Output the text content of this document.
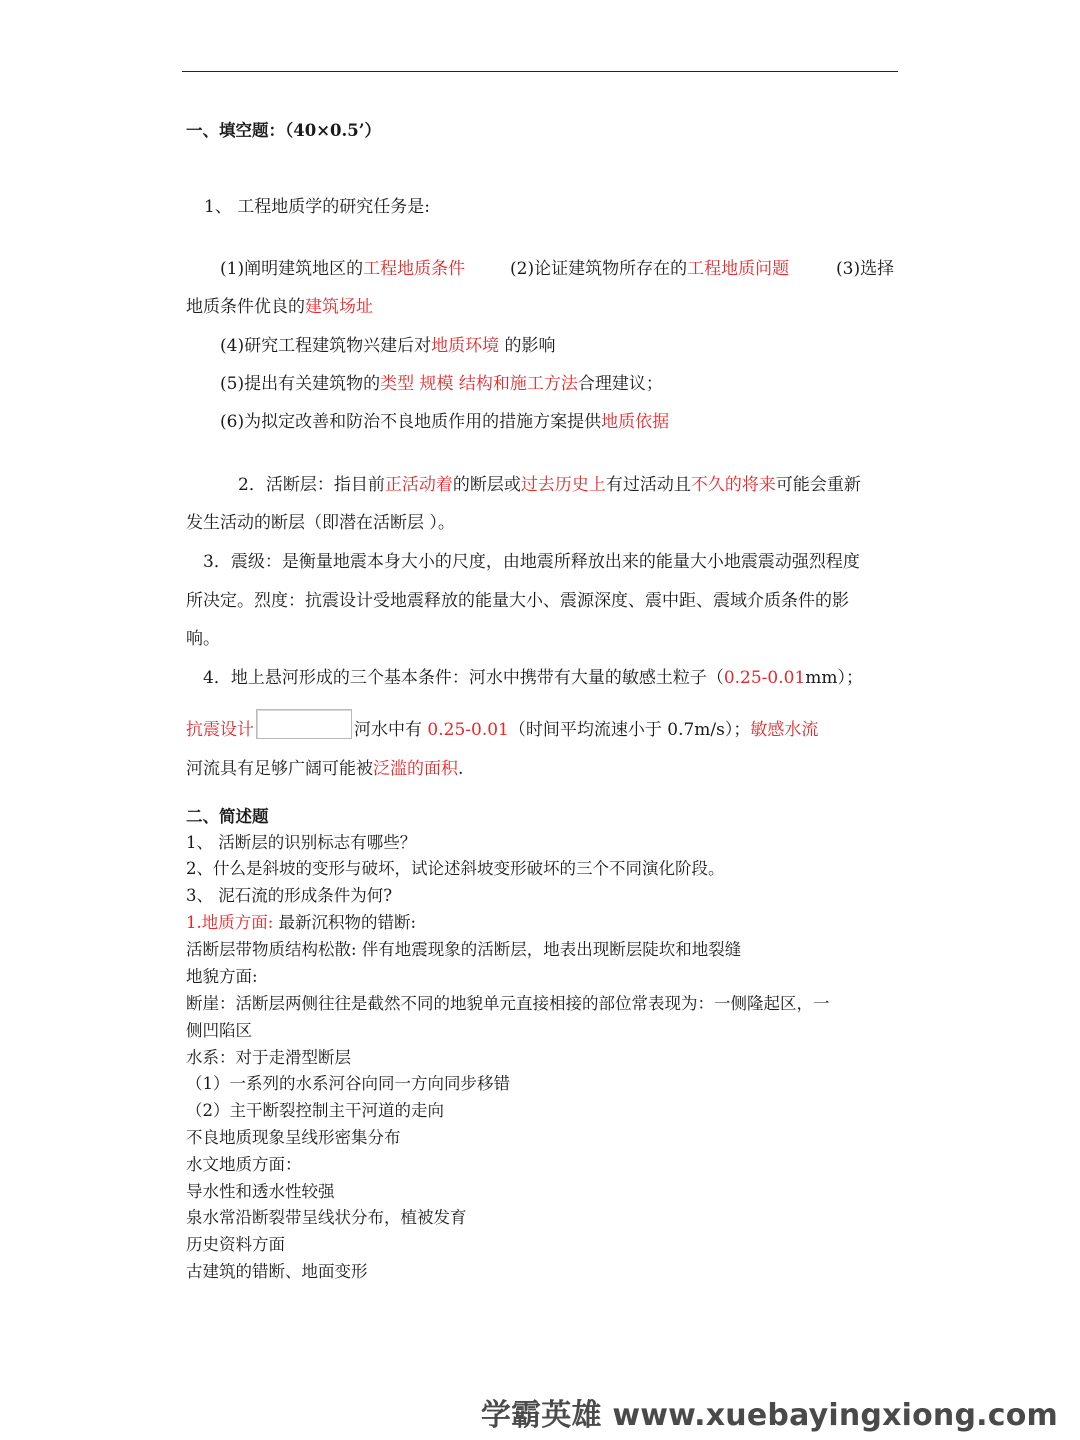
一、填空题：（40×0.5’）
1、 工程地质学的研究任务是:
(1)阐明建筑地区的工程地质条件	(2)论证建筑物所存在的工程地质问题	(3)选择
地质条件优良的建筑场址
(4)研究工程建筑物兴建后对地质环境 的影响
(5)提出有关建筑物的类型 规模 结构和施工方法合理建议；
(6)为拟定改善和防治不良地质作用的措施方案提供地质依据
2．活断层：指目前正活动着的断层或过去历史上有过活动且不久的将来可能会重新
发生活动的断层（即潜在活断层 ）。
3．震级：是衡量地震本身大小的尺度，由地震所释放出来的能量大小地震震动强烈程度
所决定。烈度：抗震设计受地震释放的能量大小、震源深度、震中距、震域介质条件的影
响。
4．地上悬河形成的三个基本条件：河水中携带有大量的敏感土粒子（0.25-0.01mm）；
抗震设计	河水中有 0.25-0.01（时间平均流速小于 0.7m/s）；敏感水流
河流具有足够广阔可能被泛滥的面积.
二、简述题
1、 活断层的识别标志有哪些？
2、什么是斜坡的变形与破坏，试论述斜坡变形破坏的三个不同演化阶段。
3、 泥石流的形成条件为何?
1.地质方面: 最新沉积物的错断:
活断层带物质结构松散: 伴有地震现象的活断层，地表出现断层陡坎和地裂缝
地貌方面:
断崖：活断层两侧往往是截然不同的地貌单元直接相接的部位常表现为：一侧隆起区，一
侧凹陷区
水系：对于走滑型断层
（1）一系列的水系河谷向同一方向同步移错
（2）主干断裂控制主干河道的走向
不良地质现象呈线形密集分布
水文地质方面：
导水性和透水性较强
泉水常沿断裂带呈线状分布，植被发育
历史资料方面
古建筑的错断、地面变形
学霸英雄 www.xuebayingxiong.com
